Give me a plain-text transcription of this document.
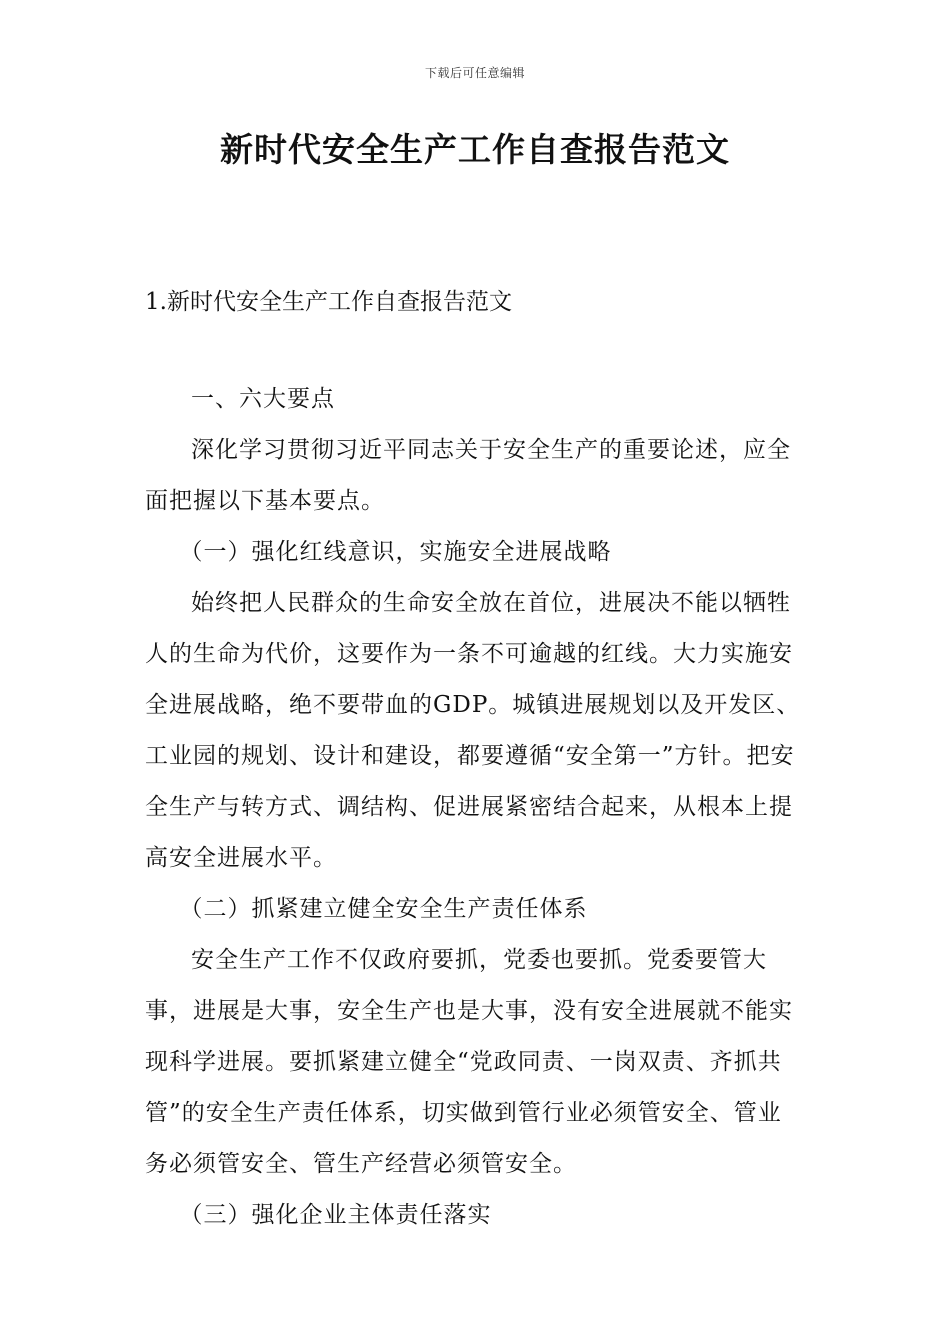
下载后可任意编辑
新时代安全生产工作自查报告范文
1.新时代安全生产工作自查报告范文

一、六大要点

深化学习贯彻习近平同志关于安全生产的重要论述，应全面把握以下基本要点。

（一）强化红线意识，实施安全进展战略

始终把人民群众的生命安全放在首位，进展决不能以牺牲人的生命为代价，这要作为一条不可逾越的红线。大力实施安全进展战略，绝不要带血的GDP。城镇进展规划以及开发区、工业园的规划、设计和建设，都要遵循“安全第一”方针。把安全生产与转方式、调结构、促进展紧密结合起来，从根本上提高安全进展水平。

（二）抓紧建立健全安全生产责任体系

安全生产工作不仅政府要抓，党委也要抓。党委要管大事，进展是大事，安全生产也是大事，没有安全进展就不能实现科学进展。要抓紧建立健全“党政同责、一岗双责、齐抓共管”的安全生产责任体系，切实做到管行业必须管安全、管业务必须管安全、管生产经营必须管安全。

（三）强化企业主体责任落实
